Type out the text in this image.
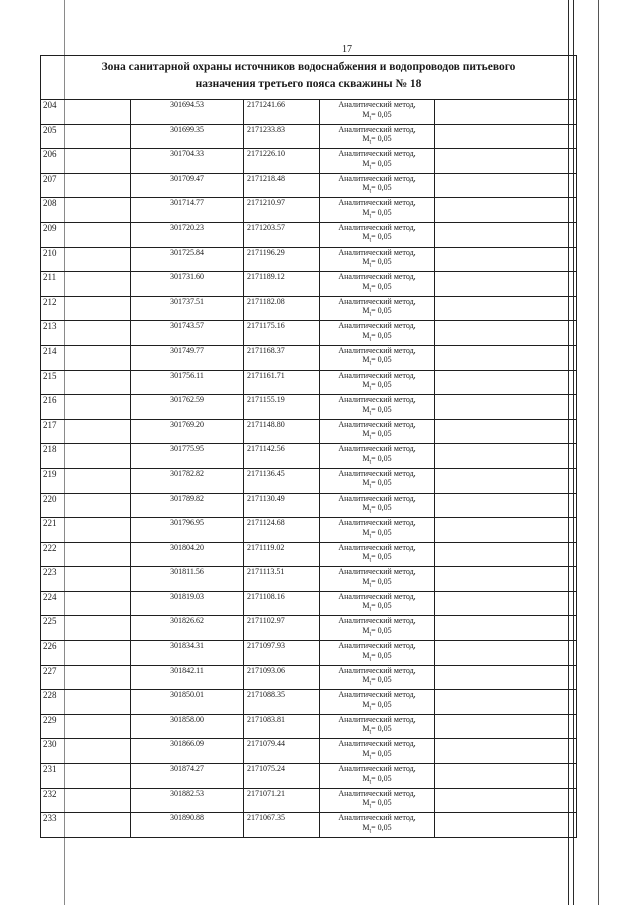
17
Зона санитарной охраны источников водоснабжения и водопроводов питьевого
назначения третьего пояса скважины № 18				

204	301694.53	2171241.66	Аналитический метод,
$M_t= 0,05$	

205	301699.35	2171233.83	Аналитический метод,
$M_t= 0,05$	

206	301704.33	2171226.10	Аналитический метод,
$M_t= 0,05$	

207	301709.47	2171218.48	Аналитический метод,
$M_t= 0,05$	

208	301714.77	2171210.97	Аналитический метод,
$M_t= 0,05$	

209	301720.23	2171203.57	Аналитический метод,
$M_t= 0,05$	

210	301725.84	2171196.29	Аналитический метод,
$M_t= 0,05$	

211	301731.60	2171189.12	Аналитический метод,
$M_t= 0,05$	

212	301737.51	2171182.08	Аналитический метод,
$M_t= 0,05$	

213	301743.57	2171175.16	Аналитический метод,
$M_t= 0,05$	

214	301749.77	2171168.37	Аналитический метод,
$M_t= 0,05$	

215	301756.11	2171161.71	Аналитический метод,
$M_t= 0,05$	

216	301762.59	2171155.19	Аналитический метод,
$M_t= 0,05$	

217	301769.20	2171148.80	Аналитический метод,
$M_t= 0,05$	

218	301775.95	2171142.56	Аналитический метод,
$M_t= 0,05$	

219	301782.82	2171136.45	Аналитический метод,
$M_t= 0,05$	

220	301789.82	2171130.49	Аналитический метод,
$M_t= 0,05$	

221	301796.95	2171124.68	Аналитический метод,
$M_t= 0,05$	

222	301804.20	2171119.02	Аналитический метод,
$M_t= 0,05$	

223	301811.56	2171113.51	Аналитический метод,
$M_t= 0,05$	

224	301819.03	2171108.16	Аналитический метод,
$M_t= 0,05$	

225	301826.62	2171102.97	Аналитический метод,
$M_t= 0,05$	

226	301834.31	2171097.93	Аналитический метод,
$M_t= 0,05$	

227	301842.11	2171093.06	Аналитический метод,
$M_t= 0,05$	

228	301850.01	2171088.35	Аналитический метод,
$M_t= 0,05$	

229	301858.00	2171083.81	Аналитический метод,
$M_t= 0,05$	

230	301866.09	2171079.44	Аналитический метод,
$M_t= 0,05$	

231	301874.27	2171075.24	Аналитический метод,
$M_t= 0,05$	

232	301882.53	2171071.21	Аналитический метод,
$M_t= 0,05$	

233	301890.88	2171067.35	Аналитический метод,
$M_t= 0,05$	
